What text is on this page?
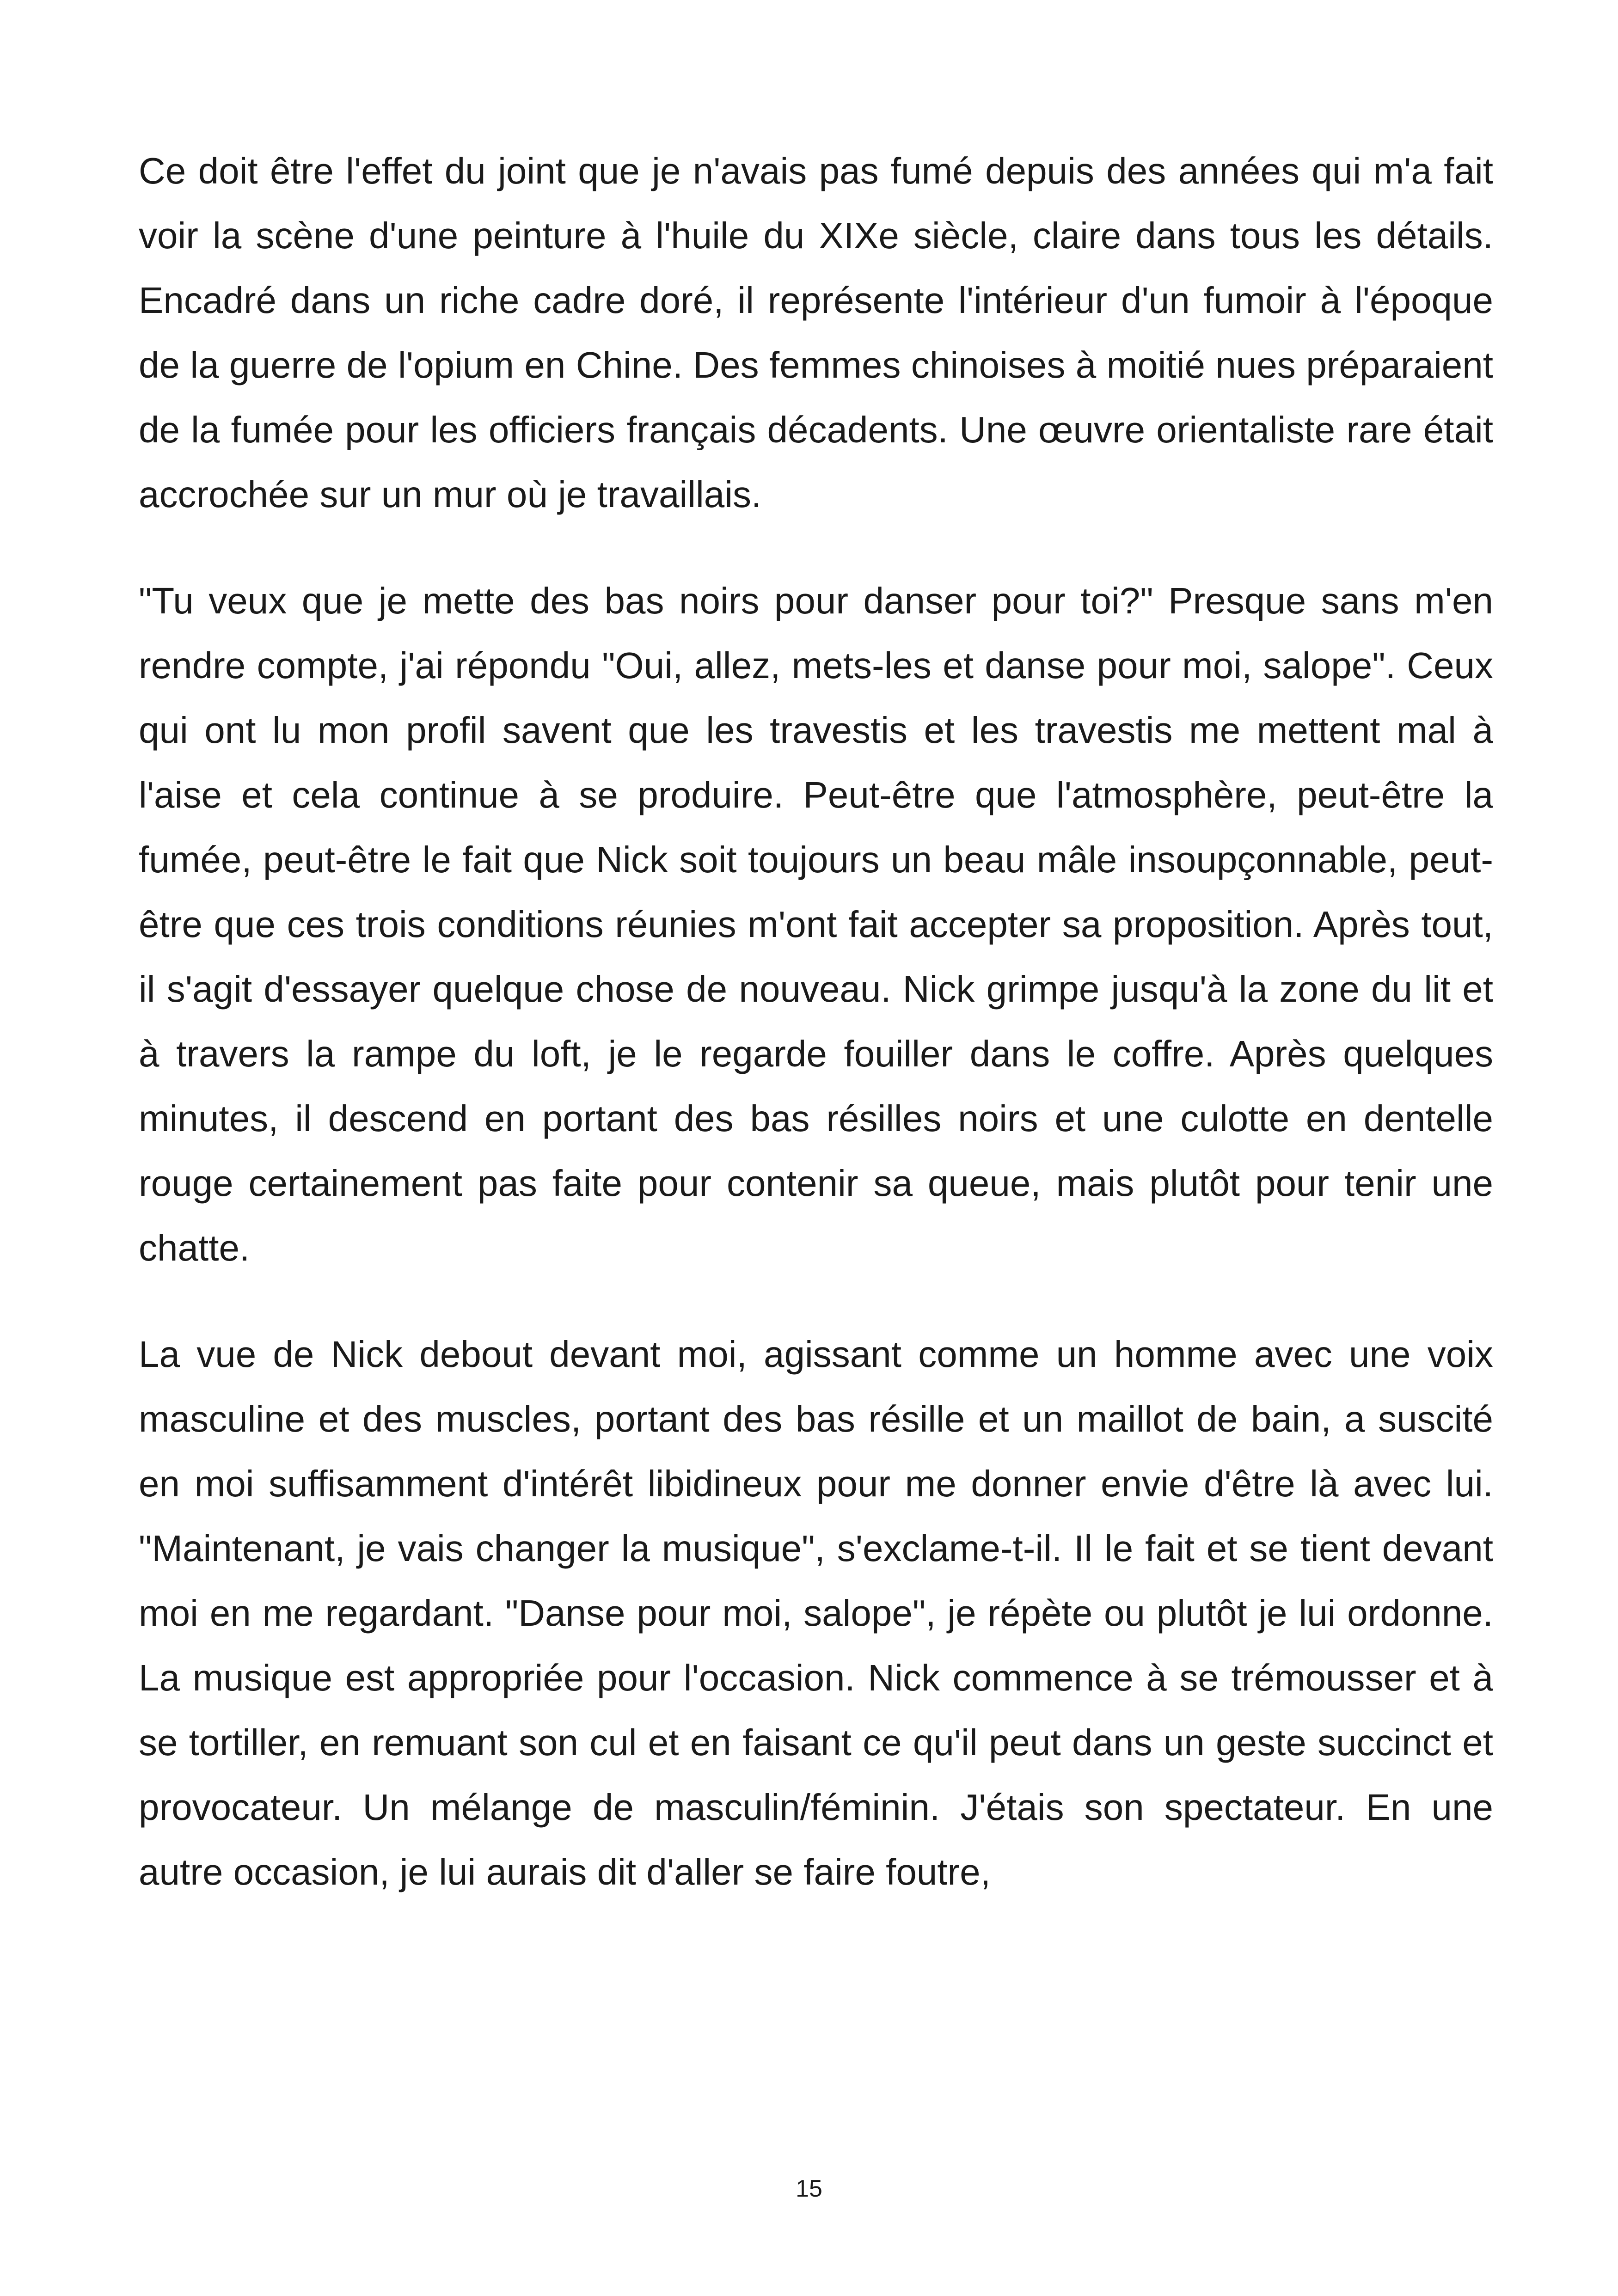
Ce doit être l'effet du joint que je n'avais pas fumé depuis des années qui m'a fait voir la scène d'une peinture à l'huile du XIXe siècle, claire dans tous les détails. Encadré dans un riche cadre doré, il représente l'intérieur d'un fumoir à l'époque de la guerre de l'opium en Chine. Des femmes chinoises à moitié nues préparaient de la fumée pour les officiers français décadents. Une œuvre orientaliste rare était accrochée sur un mur où je travaillais.

"Tu veux que je mette des bas noirs pour danser pour toi?" Presque sans m'en rendre compte, j'ai répondu "Oui, allez, mets-les et danse pour moi, salope". Ceux qui ont lu mon profil savent que les travestis et les travestis me mettent mal à l'aise et cela continue à se produire. Peut-être que l'atmosphère, peut-être la fumée, peut-être le fait que Nick soit toujours un beau mâle insoupçonnable, peut-être que ces trois conditions réunies m'ont fait accepter sa proposition. Après tout, il s'agit d'essayer quelque chose de nouveau. Nick grimpe jusqu'à la zone du lit et à travers la rampe du loft, je le regarde fouiller dans le coffre. Après quelques minutes, il descend en portant des bas résilles noirs et une culotte en dentelle rouge certainement pas faite pour contenir sa queue, mais plutôt pour tenir une chatte.

La vue de Nick debout devant moi, agissant comme un homme avec une voix masculine et des muscles, portant des bas résille et un maillot de bain, a suscité en moi suffisamment d'intérêt libidineux pour me donner envie d'être là avec lui. "Maintenant, je vais changer la musique", s'exclame-t-il. Il le fait et se tient devant moi en me regardant. "Danse pour moi, salope", je répète ou plutôt je lui ordonne. La musique est appropriée pour l'occasion. Nick commence à se trémousser et à se tortiller, en remuant son cul et en faisant ce qu'il peut dans un geste succinct et provocateur. Un mélange de masculin/féminin. J'étais son spectateur. En une autre occasion, je lui aurais dit d'aller se faire foutre,

15
